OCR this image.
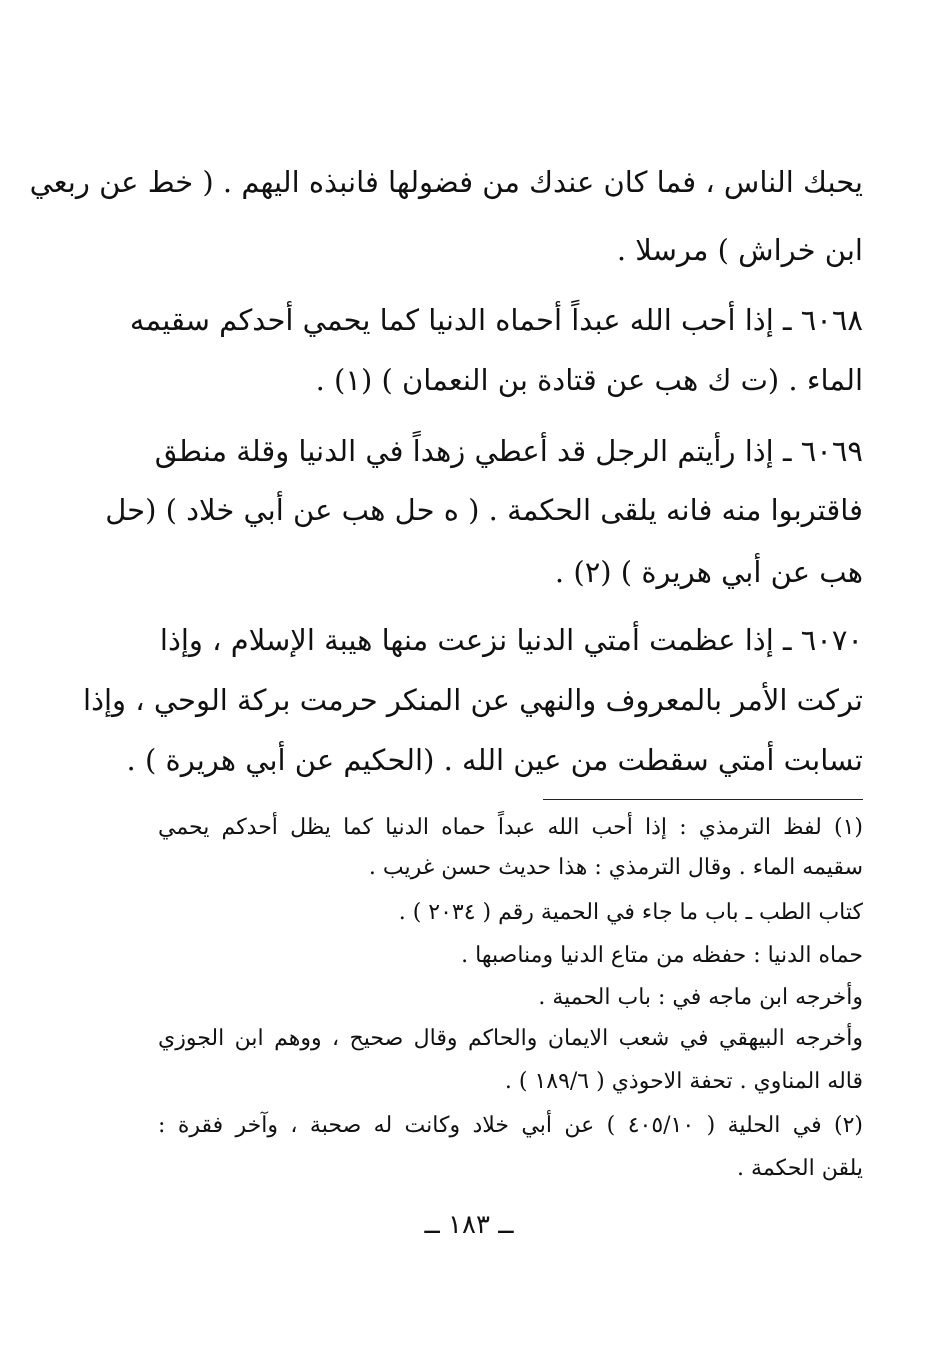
يحبك الناس ، فما كان عندك من فضولها فانبذه اليهم . ( خط عن ربعي
ابن خراش ) مرسلا .
٦٠٦٨ ـ إذا أحب الله عبداً أحماه الدنيا كما يحمي أحدكم سقيمه
الماء . (ت ك هب عن قتادة بن النعمان ) (١) .
٦٠٦٩ ـ إذا رأيتم الرجل قد أعطي زهداً في الدنيا وقلة منطق
فاقتربوا منه فانه يلقى الحكمة . ( ه حل هب عن أبي خلاد ) (حل
هب عن أبي هريرة ) (٢) .
٦٠٧٠ ـ إذا عظمت أمتي الدنيا نزعت منها هيبة الإسلام ، وإذا
تركت الأمر بالمعروف والنهي عن المنكر حرمت بركة الوحي ، وإذا
تسابت أمتي سقطت من عين الله . (الحكيم عن أبي هريرة ) .
(١) لفظ الترمذي : إذا أحب الله عبداً حماه الدنيا كما يظل أحدكم يحمي
سقيمه الماء . وقال الترمذي : هذا حديث حسن غريب .
كتاب الطب ـ باب ما جاء في الحمية رقم ( ٢٠٣٤ ) .
حماه الدنيا : حفظه من متاع الدنيا ومناصبها .
وأخرجه ابن ماجه في : باب الحمية .
وأخرجه البيهقي في شعب الايمان والحاكم وقال صحيح ، ووهم ابن الجوزي
قاله المناوي . تحفة الاحوذي ( ١٨٩/٦ ) .
(٢) في الحلية ( ٤٠٥/١٠ ) عن أبي خلاد وكانت له صحبة ، وآخر فقرة :
يلقن الحكمة .
ــ ١٨٣ ــ
